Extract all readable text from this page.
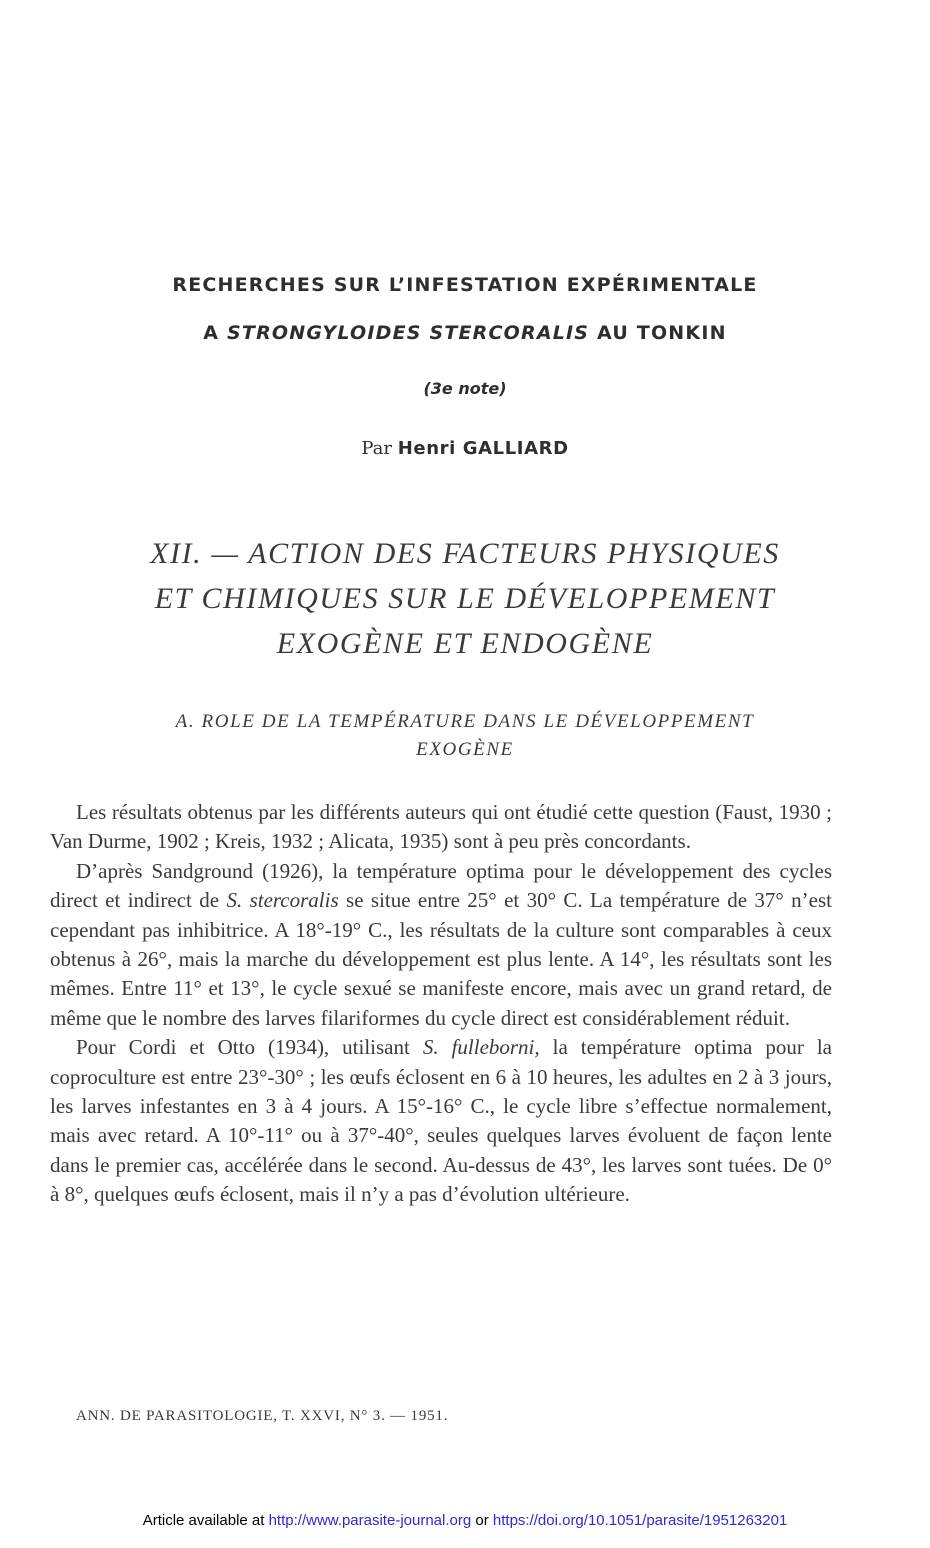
RECHERCHES SUR L’INFESTATION EXPÉRIMENTALE
A STRONGYLOIDES STERCORALIS AU TONKIN
(3e note)
Par Henri GALLIARD
XII. — ACTION DES FACTEURS PHYSIQUES
ET CHIMIQUES SUR LE DÉVELOPPEMENT
EXOGÈNE ET ENDOGÈNE
A. ROLE DE LA TEMPÉRATURE DANS LE DÉVELOPPEMENT
EXOGÈNE

Les résultats obtenus par les différents auteurs qui ont étudié cette question (Faust, 1930 ; Van Durme, 1902 ; Kreis, 1932 ; Alicata, 1935) sont à peu près concordants.

D’après Sandground (1926), la température optima pour le développement des cycles direct et indirect de S. stercoralis se situe entre 25° et 30° C. La température de 37° n’est cependant pas inhibitrice. A 18°-19° C., les résultats de la culture sont comparables à ceux obtenus à 26°, mais la marche du développement est plus lente. A 14°, les résultats sont les mêmes. Entre 11° et 13°, le cycle sexué se manifeste encore, mais avec un grand retard, de même que le nombre des larves filariformes du cycle direct est considérablement réduit.

Pour Cordi et Otto (1934), utilisant S. fulleborni, la température optima pour la coproculture est entre 23°-30° ; les œufs éclosent en 6 à 10 heures, les adultes en 2 à 3 jours, les larves infestantes en 3 à 4 jours. A 15°-16° C., le cycle libre s’effectue normalement, mais avec retard. A 10°-11° ou à 37°-40°, seules quelques larves évoluent de façon lente dans le premier cas, accélérée dans le second. Au-dessus de 43°, les larves sont tuées. De 0° à 8°, quelques œufs éclosent, mais il n’y a pas d’évolution ultérieure.

ANN. DE PARASITOLOGIE, T. XXVI, N° 3. — 1951.
Article available at http://www.parasite-journal.org or https://doi.org/10.1051/parasite/1951263201
